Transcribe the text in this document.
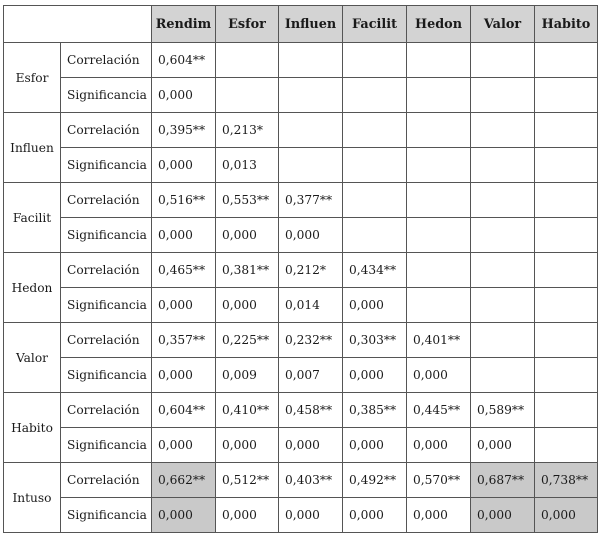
		Rendim	Esfor	Influen	Facilit	Hedon	Valor	Habito
Esfor	Correlación	0,604**						
	Significancia	0,000						
Influen	Correlación	0,395**	0,213*					
	Significancia	0,000	0,013					
Facilit	Correlación	0,516**	0,553**	0,377**				
	Significancia	0,000	0,000	0,000				
Hedon	Correlación	0,465**	0,381**	0,212*	0,434**			
	Significancia	0,000	0,000	0,014	0,000			
Valor	Correlación	0,357**	0,225**	0,232**	0,303**	0,401**		
	Significancia	0,000	0,009	0,007	0,000	0,000		
Habito	Correlación	0,604**	0,410**	0,458**	0,385**	0,445**	0,589**	
	Significancia	0,000	0,000	0,000	0,000	0,000	0,000	
Intuso	Correlación	0,662**	0,512**	0,403**	0,492**	0,570**	0,687**	0,738**
	Significancia	0,000	0,000	0,000	0,000	0,000	0,000	0,000
